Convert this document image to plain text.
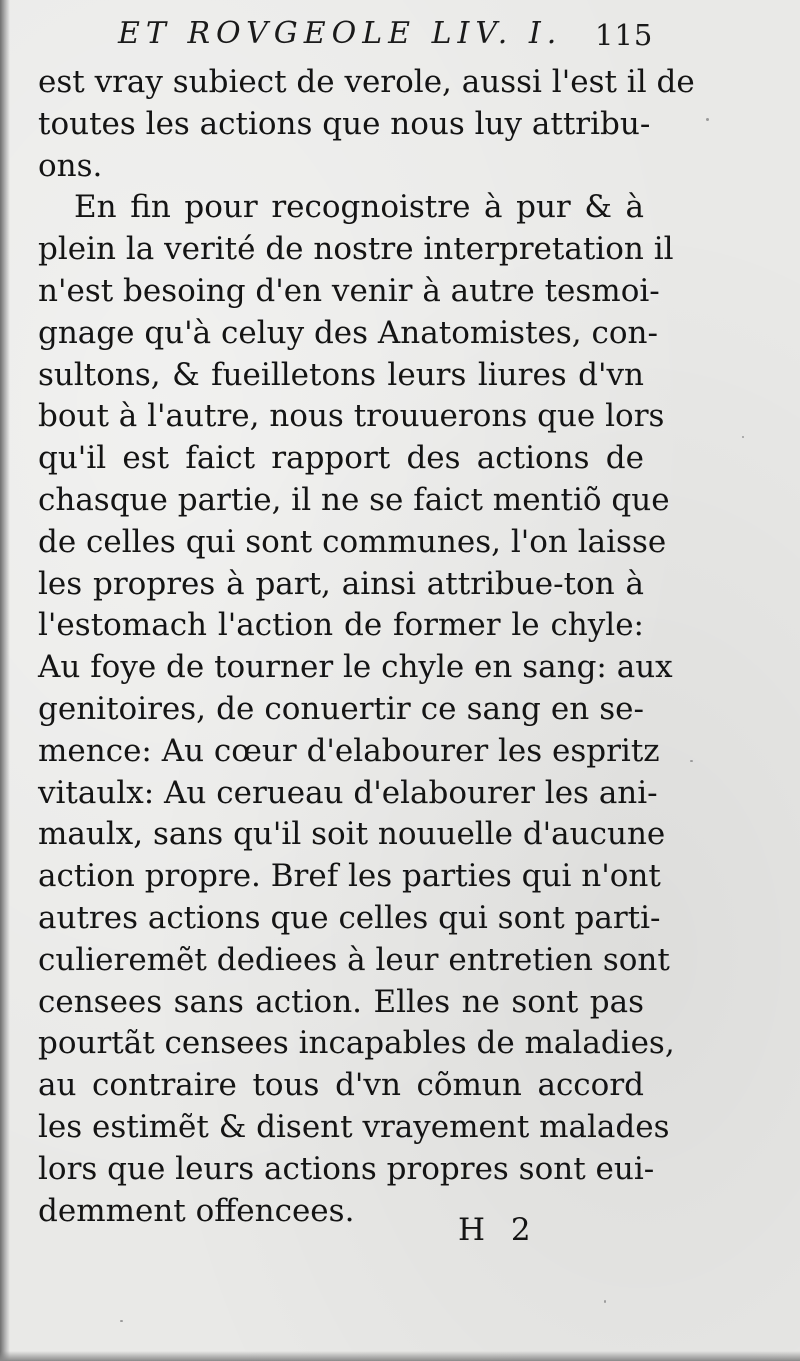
ET ROVGEOLE LIV. I. 115
est vray subiect de verole, aussi l'est il de
toutes les actions que nous luy attribu-
ons.
En fin pour recognoistre à pur & à
plein la verité de nostre interpretation il
n'est besoing d'en venir à autre tesmoi-
gnage qu'à celuy des Anatomistes, con-
sultons, & fueilletons leurs liures d'vn
bout à l'autre, nous trouuerons que lors
qu'il est faict rapport des actions de
chasque partie, il ne se faict mentiõ que
de celles qui sont communes, l'on laisse
les propres à part, ainsi attribue-ton à
l'estomach l'action de former le chyle:
Au foye de tourner le chyle en sang: aux
genitoires, de conuertir ce sang en se-
mence: Au cœur d'elabourer les espritz
vitaulx: Au cerueau d'elabourer les ani-
maulx, sans qu'il soit nouuelle d'aucune
action propre. Bref les parties qui n'ont
autres actions que celles qui sont parti-
culieremẽt dediees à leur entretien sont
censees sans action. Elles ne sont pas
pourtãt censees incapables de maladies,
au contraire tous d'vn cõmun accord
les estimẽt & disent vrayement malades
lors que leurs actions propres sont eui-
demment offencees.
H 2
